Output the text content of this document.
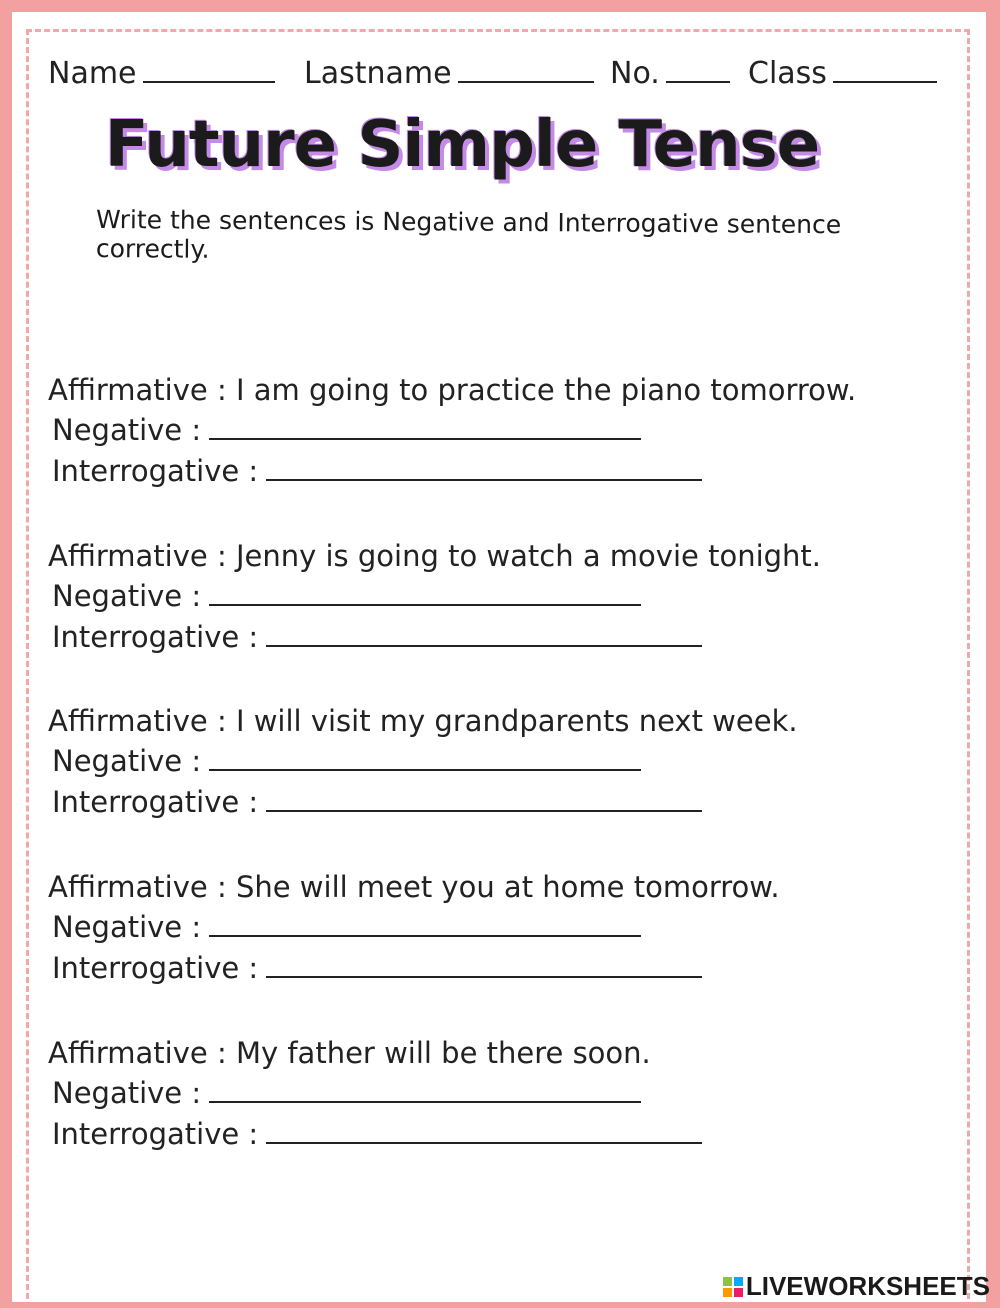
Name	Lastname	No.	Class
Future Simple Tense
Write the sentences is Negative and Interrogative sentence correctly.
Affirmative : I am going to practice the piano tomorrow.
Negative :
Interrogative :
Affirmative : Jenny is going to watch a movie tonight.
Negative :
Interrogative :
Affirmative : I will visit my grandparents next week.
Negative :
Interrogative :
Affirmative : She will meet you at home tomorrow.
Negative :
Interrogative :
Affirmative : My father will be there soon.
Negative :
Interrogative :
LIVEWORKSHEETS
